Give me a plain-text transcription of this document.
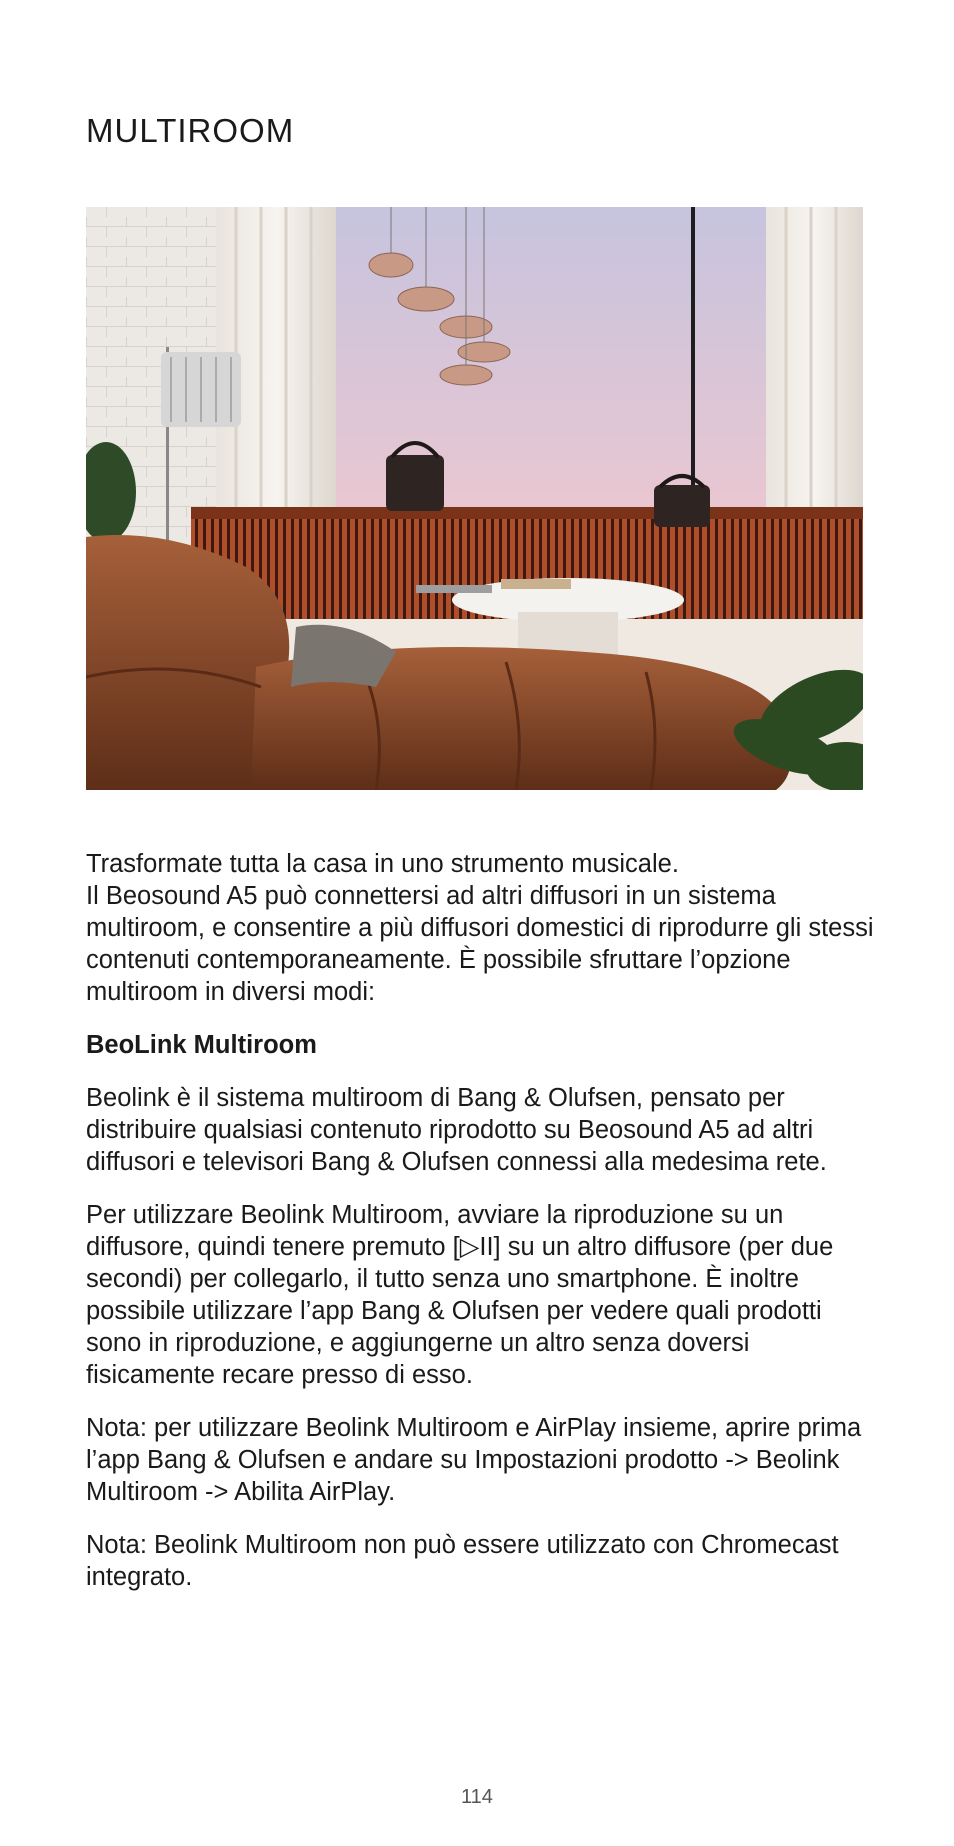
MULTIROOM

Trasformate tutta la casa in uno strumento musicale.
Il Beosound A5 può connettersi ad altri diffusori in un sistema multiroom, e consentire a più diffusori domestici di riprodurre gli stessi contenuti contemporaneamente. È possibile sfruttare l’opzione multiroom in diversi modi:

BeoLink Multiroom

Beolink è il sistema multiroom di Bang & Olufsen, pensato per distribuire qualsiasi contenuto riprodotto su Beosound A5 ad altri diffusori e televisori Bang & Olufsen connessi alla medesima rete.

Per utilizzare Beolink Multiroom, avviare la riproduzione su un diffusore, quindi tenere premuto [▷II] su un altro diffusore (per due secondi) per collegarlo, il tutto senza uno smartphone. È inoltre possibile utilizzare l’app Bang & Olufsen per vedere quali prodotti sono in riproduzione, e aggiungerne un altro senza doversi fisicamente recare presso di esso.

Nota: per utilizzare Beolink Multiroom e AirPlay insieme, aprire prima l’app Bang & Olufsen e andare su Impostazioni prodotto -> Beolink Multiroom -> Abilita AirPlay.

Nota: Beolink Multiroom non può essere utilizzato con Chromecast integrato.

114
